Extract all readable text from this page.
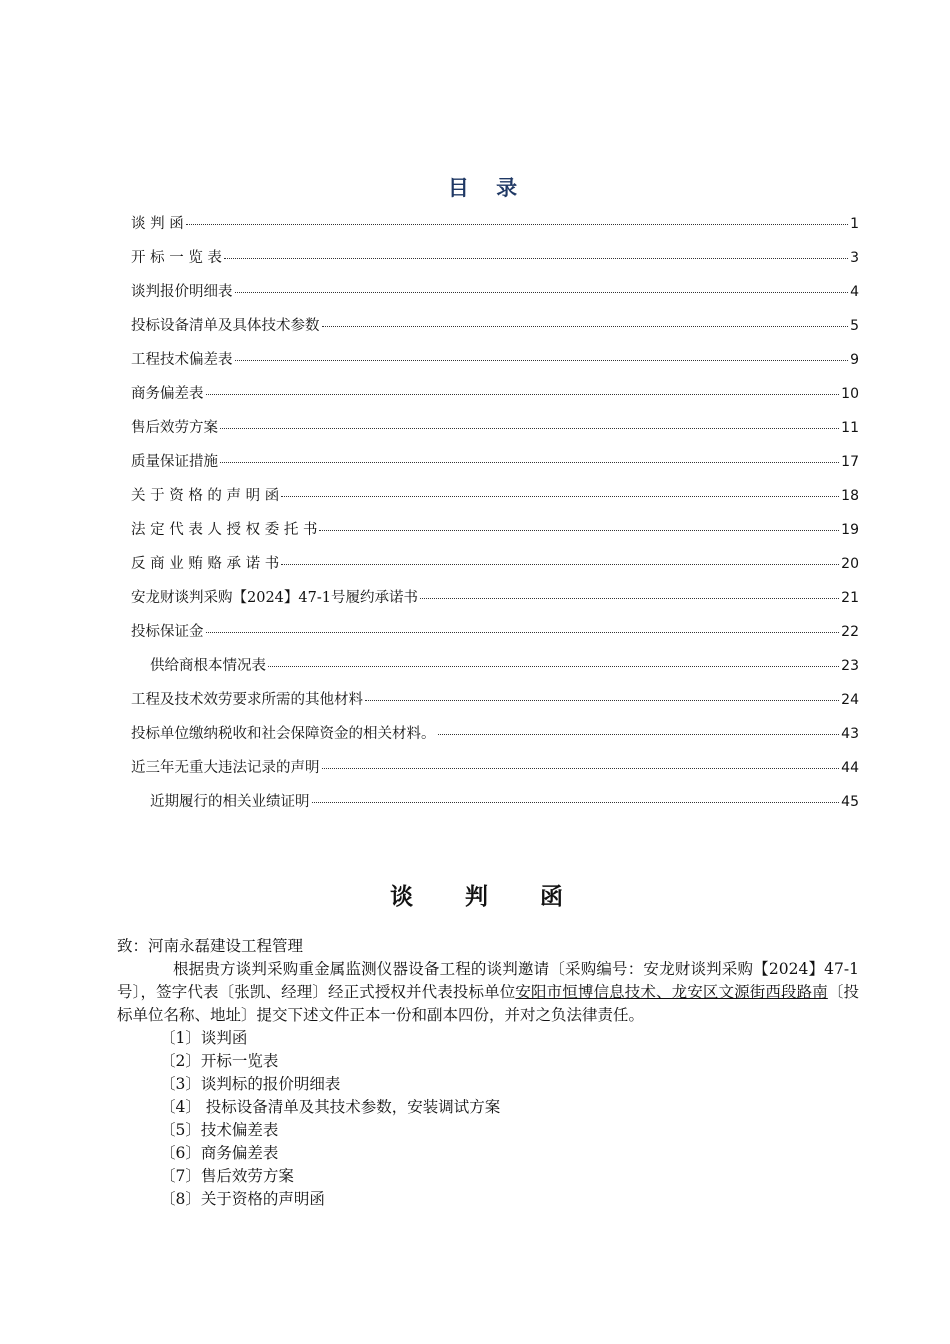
目 录
谈 判 函	1
开 标 一 览 表	3
谈判报价明细表	4
投标设备清单及具体技术参数	5
工程技术偏差表	9
商务偏差表	10
售后效劳方案	11
质量保证措施	17
关 于 资 格 的 声 明 函	18
法 定 代 表 人 授 权 委 托 书	19
反 商 业 贿 赂 承 诺 书	20
安龙财谈判采购【2024】47-1号履约承诺书	21
投标保证金	22
供给商根本情况表	23
工程及技术效劳要求所需的其他材料	24
投标单位缴纳税收和社会保障资金的相关材料。	43
近三年无重大违法记录的声明	44
近期履行的相关业绩证明	45
谈 判 函

致：河南永磊建设工程管理

根据贵方谈判采购重金属监测仪器设备工程的谈判邀请〔采购编号：安龙财谈判采购【2024】47-1号〕，签字代表〔张凯、经理〕经正式授权并代表投标单位安阳市恒博信息技术、龙安区文源街西段路南〔投标单位名称、地址〕提交下述文件正本一份和副本四份，并对之负法律责任。

〔1〕谈判函

〔2〕开标一览表

〔3〕谈判标的报价明细表

〔4〕 投标设备清单及其技术参数，安装调试方案

〔5〕技术偏差表

〔6〕商务偏差表

〔7〕售后效劳方案

〔8〕关于资格的声明函
